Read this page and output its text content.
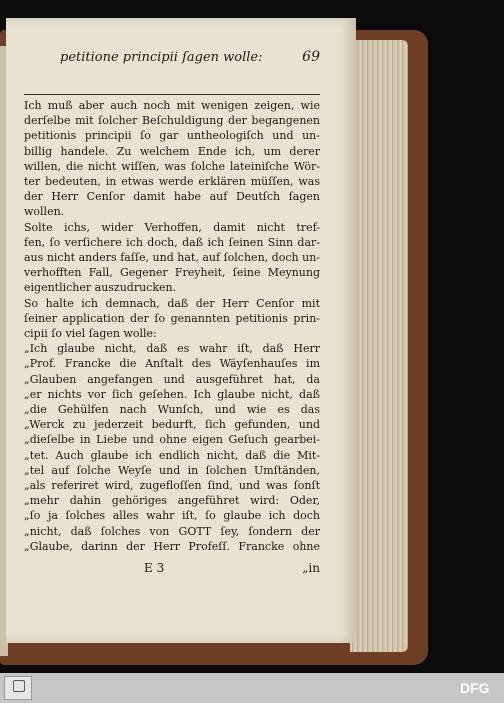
petitione principii ſagen wolle:	69
Ich muß aber auch noch mit wenigen zeigen, wie
derſelbe mit ſolcher Beſchuldigung der begangenen
petitionis principii ſo gar untheologiſch und un-
billig handele. Zu welchem Ende ich, um derer
willen, die nicht wiſſen, was ſolche lateiniſche Wör-
ter bedeuten, in etwas werde erklären müſſen, was
der Herr Cenſor damit habe auf Deutſch ſagen
wollen.
Solte ichs, wider Verhoffen, damit nicht tref-
fen, ſo verſichere ich doch, daß ich ſeinen Sinn dar-
aus nicht anders faſſe, und hat, auf ſolchen, doch un-
verhofften Fall, Gegener Freyheit, ſeine Meynung
eigentlicher auszudrucken.
So halte ich demnach, daß der Herr Cenſor mit
ſeiner application der ſo genannten petitionis prin-
cipii ſo viel ſagen wolle:
„Ich glaube nicht, daß es wahr iſt, daß Herr
„Prof. Francke die Anſtalt des Wäyſenhauſes im
„Glauben angefangen und ausgeführet hat, da
„er nichts vor ſich geſehen. Ich glaube nicht, daß
„die Gehülfen nach Wunſch, und wie es das
„Werck zu jederzeit bedurft, ſich gefunden, und
„dieſelbe in Liebe und ohne eigen Geſuch gearbei-
„tet. Auch glaube ich endlich nicht, daß die Mit-
„tel auf ſolche Weyſe und in ſolchen Umſtänden,
„als referiret wird, zugefloſſen ſind, und was ſonſt
„mehr dahin gehöriges angeführet wird: Oder,
„ſo ja ſolches alles wahr iſt, ſo glaube ich doch
„nicht, daß ſolches von GOTT ſey, ſondern der
„Glaube, darinn der Herr Profeſſ. Francke ohne
E 3	„in
DFG
